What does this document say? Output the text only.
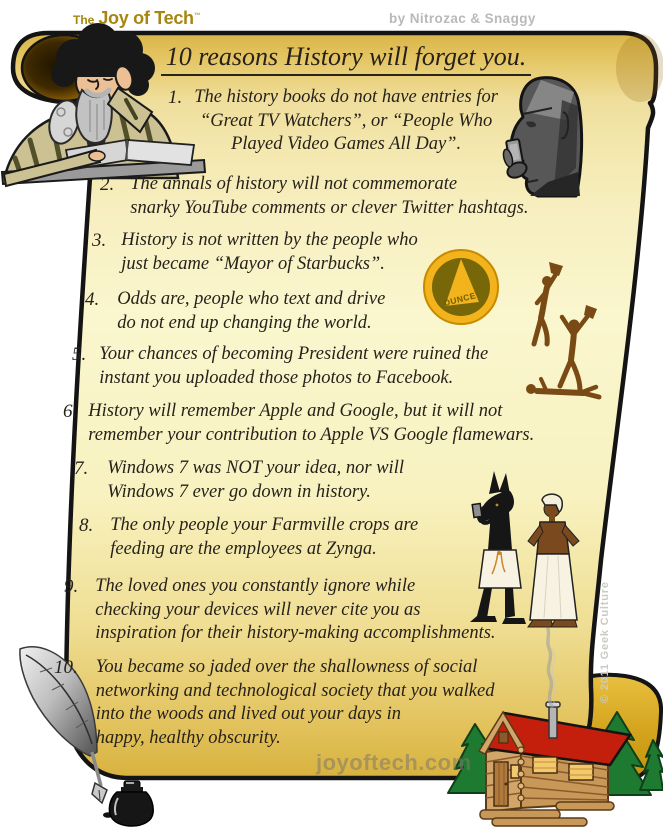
DUNCE
The Joy of Tech™	by Nitrozac & Snaggy
10 reasons History will forget you.
1. The history books do not have entries for
“Great TV Watchers”, or “People Who
Played Video Games All Day”.
2. The annals of history will not commemorate
snarky YouTube comments or clever Twitter hashtags.
3. History is not written by the people who
just became “Mayor of Starbucks”.
4. Odds are, people who text and drive
do not end up changing the world.
5. Your chances of becoming President were ruined the
instant you uploaded those photos to Facebook.
6. History will remember Apple and Google, but it will not
remember your contribution to Apple VS Google flamewars.
7. Windows 7 was NOT your idea, nor will
Windows 7 ever go down in history.
8. The only people your Farmville crops are
feeding are the employees at Zynga.
9. The loved ones you constantly ignore while
checking your devices will never cite you as
inspiration for their history-making accomplishments.
10. You became so jaded over the shallowness of social
networking and technological society that you walked
into the woods and lived out your days in
happy, healthy obscurity.
joyoftech.com
© 2011 Geek Culture
